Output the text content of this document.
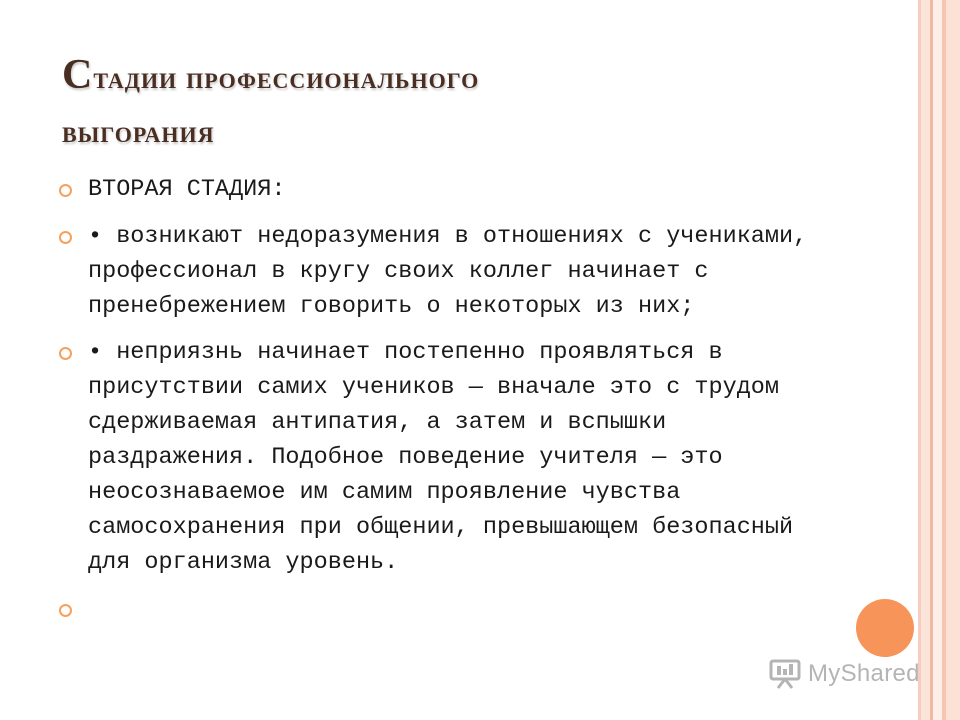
Стадии профессионального
выгорания
ВТОРАЯ СТАДИЯ:
• возникают недоразумения в отношениях с учениками, профессионал в кругу своих коллег начинает с пренебрежением говорить о некоторых из них;
• неприязнь начинает постепенно проявляться в присутствии самих учеников — вначале это с трудом сдерживаемая антипатия, а затем и вспышки раздражения. Подобное поведение учителя — это неосознаваемое им самим проявление чувства самосохранения при общении, превышающем безопасный для организма уровень.
MyShared
